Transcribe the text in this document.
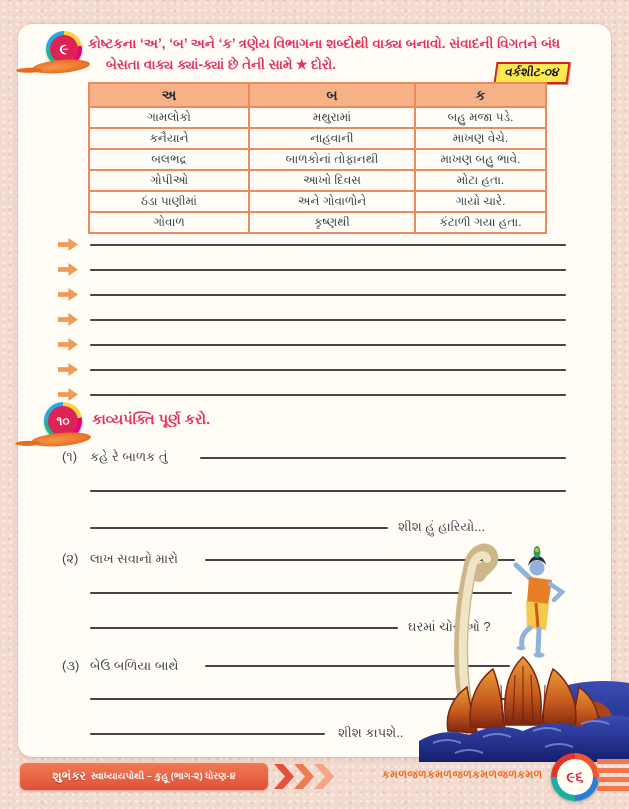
૯	કોષ્ટકના ‘અ’, ‘બ’ અને ‘ક’ ત્રણેય વિભાગના શબ્દોથી વાક્ય બનાવો. સંવાદની વિગતને બંધ
બેસતા વાક્ય ક્યાં-ક્યાં છે તેની સામે ★ દોરો.	વર્કશીટ-૦૪
અ	બ	ક
ગામલોકો	મથુરામાં	બહુ મજા પડે.
કનૈયાને	નાહવાની	માખણ વેચે.
બલભદ્ર	બાળકોનાં તોફાનથી	માખણ બહુ ભાવે.
ગોપીઓ	આખો દિવસ	મોટા હતા.
ઠંડા પાણીમાં	અને ગોવાળોને	ગાયો ચારે.
ગોવાળ	કૃષ્ણથી	કંટાળી ગયા હતા.
૧૦	કાવ્યપંક્તિ પૂર્ણ કરો.
(૧) કહે રે બાળક તું
શીશ હું હારિયો...
(૨) લાખ સવાનો મારો
ઘરમાં ચોરીઓ ?
(૩) બેઉ બળિયા બાથે
શીશ કાપશે..
શુભંકર સ્વાધ્યાયપોથી – કુહૂ (ભાગ-૨) ધોરણ-૪	કમળજળકમળજળકમળજળકમળ	૯૬
